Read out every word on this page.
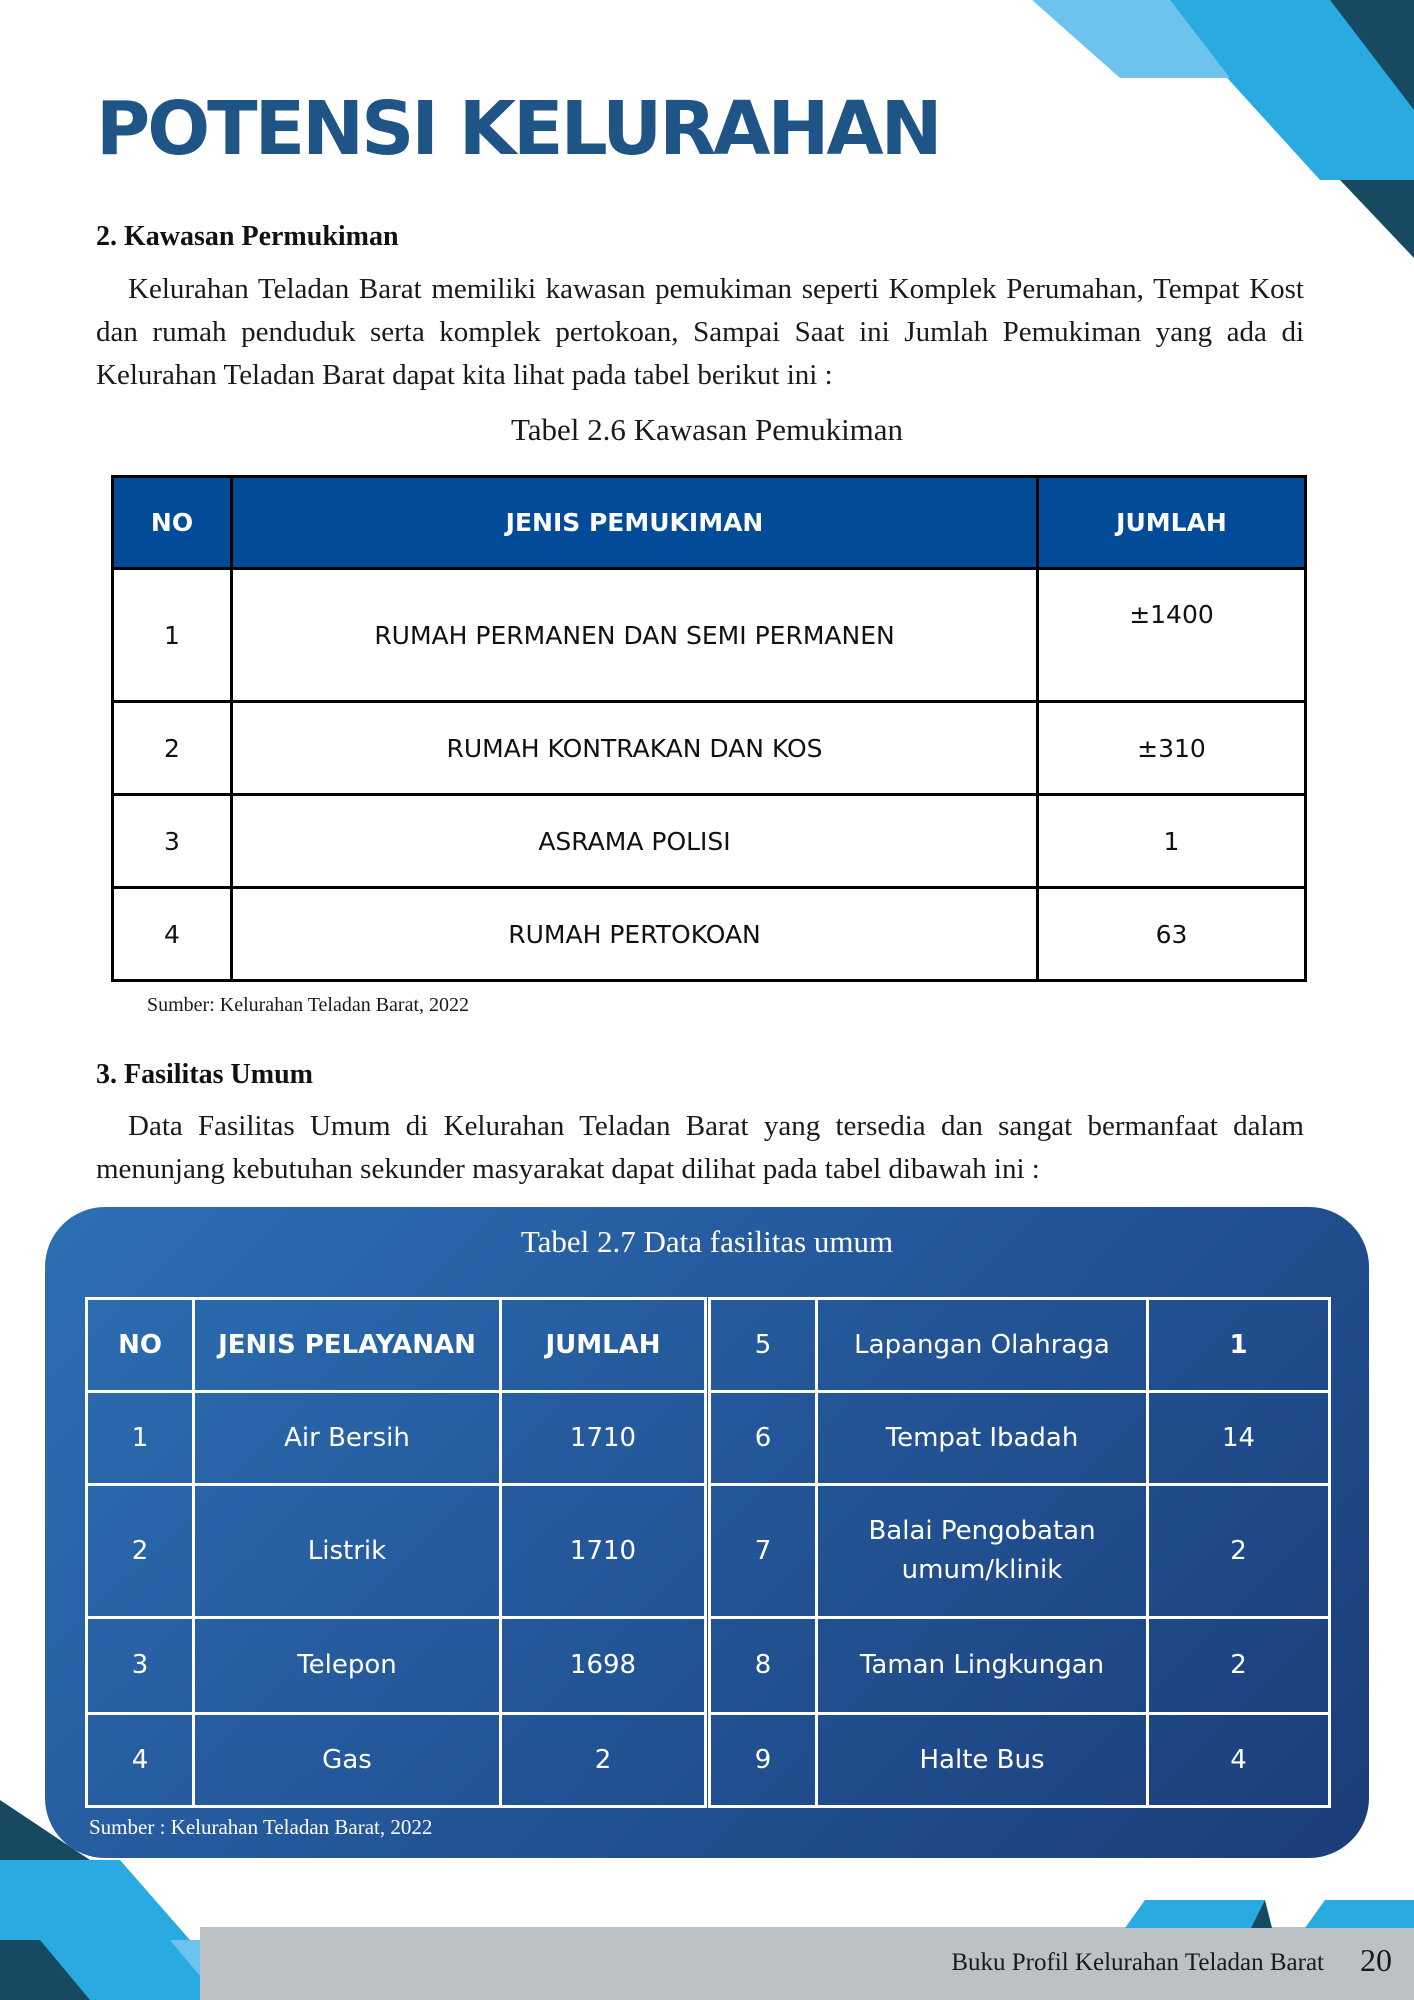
POTENSI KELURAHAN
2. Kawasan Permukiman

Kelurahan Teladan Barat memiliki kawasan pemukiman seperti Komplek Perumahan, Tempat Kost dan rumah penduduk serta komplek pertokoan, Sampai Saat ini Jumlah Pemukiman yang ada di Kelurahan Teladan Barat dapat kita lihat pada tabel berikut ini :

Tabel 2.6 Kawasan Pemukiman
NO	JENIS PEMUKIMAN	JUMLAH
1	RUMAH PERMANEN DAN SEMI PERMANEN	±1400
2	RUMAH KONTRAKAN DAN KOS	±310
3	ASRAMA POLISI	1
4	RUMAH PERTOKOAN	63
Sumber: Kelurahan Teladan Barat, 2022
3. Fasilitas Umum

Data Fasilitas Umum di Kelurahan Teladan Barat yang tersedia dan sangat bermanfaat dalam menunjang kebutuhan sekunder masyarakat dapat dilihat pada tabel dibawah ini :

Tabel 2.7 Data fasilitas umum
NO	JENIS PELAYANAN	JUMLAH
1	Air Bersih	1710
2	Listrik	1710
3	Telepon	1698
4	Gas	2
5	Lapangan Olahraga	1
6	Tempat Ibadah	14
7	Balai Pengobatan umum/klinik	2
8	Taman Lingkungan	2
9	Halte Bus	4
Sumber : Kelurahan Teladan Barat, 2022
Buku Profil Kelurahan Teladan Barat 20
